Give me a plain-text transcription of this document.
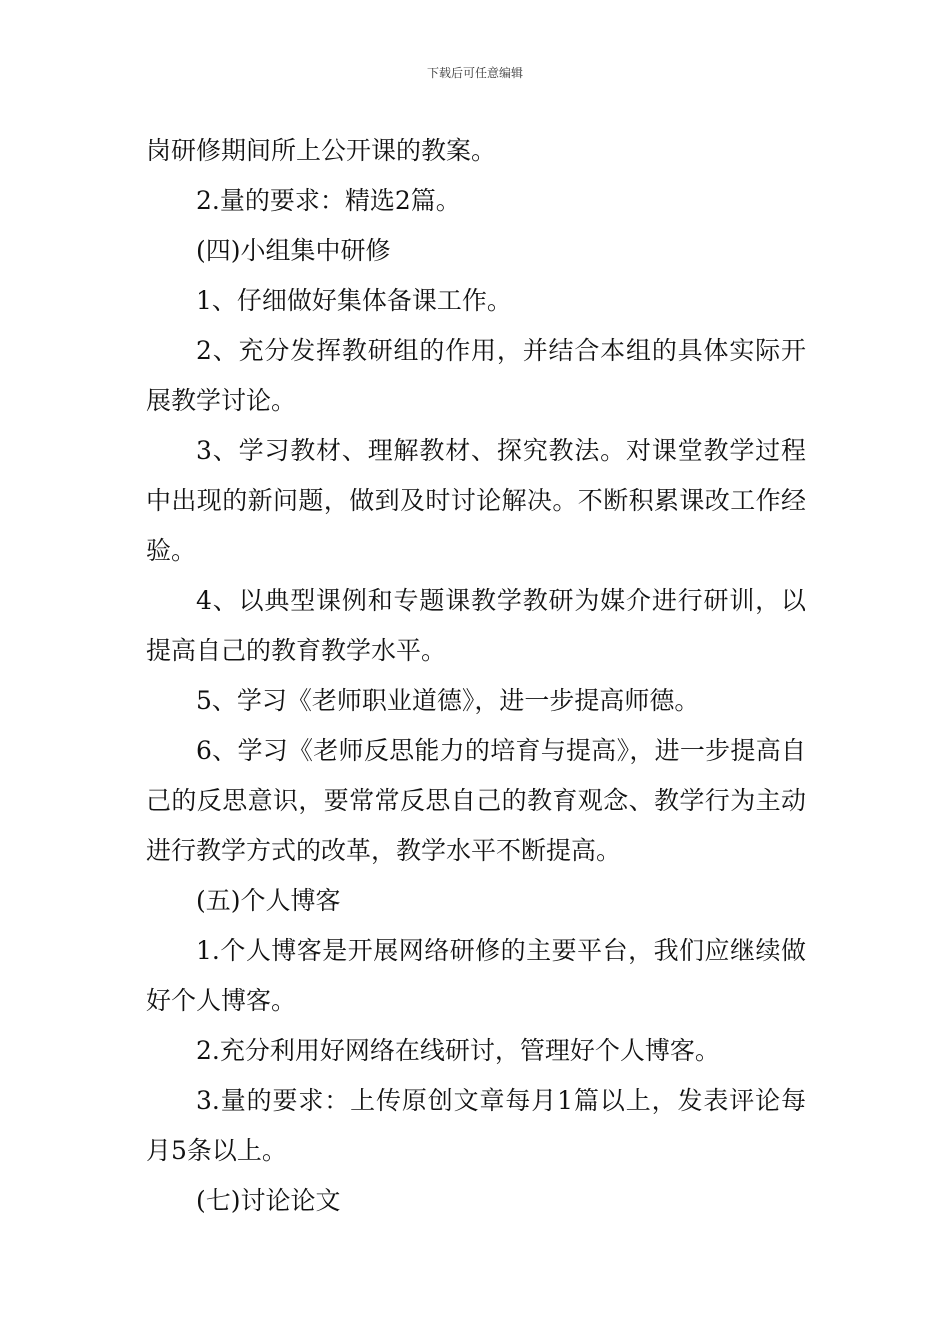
下载后可任意编辑

岗研修期间所上公开课的教案。

2.量的要求：精选2篇。

(四)小组集中研修

1、仔细做好集体备课工作。

2、充分发挥教研组的作用，并结合本组的具体实际开展教学讨论。

3、学习教材、理解教材、探究教法。对课堂教学过程中出现的新问题，做到及时讨论解决。不断积累课改工作经验。

4、以典型课例和专题课教学教研为媒介进行研训，以提高自己的教育教学水平。

5、学习《老师职业道德》，进一步提高师德。

6、学习《老师反思能力的培育与提高》，进一步提高自己的反思意识，要常常反思自己的教育观念、教学行为主动进行教学方式的改革，教学水平不断提高。

(五)个人博客

1.个人博客是开展网络研修的主要平台，我们应继续做好个人博客。

2.充分利用好网络在线研讨，管理好个人博客。

3.量的要求：上传原创文章每月1篇以上，发表评论每月5条以上。

(七)讨论论文
